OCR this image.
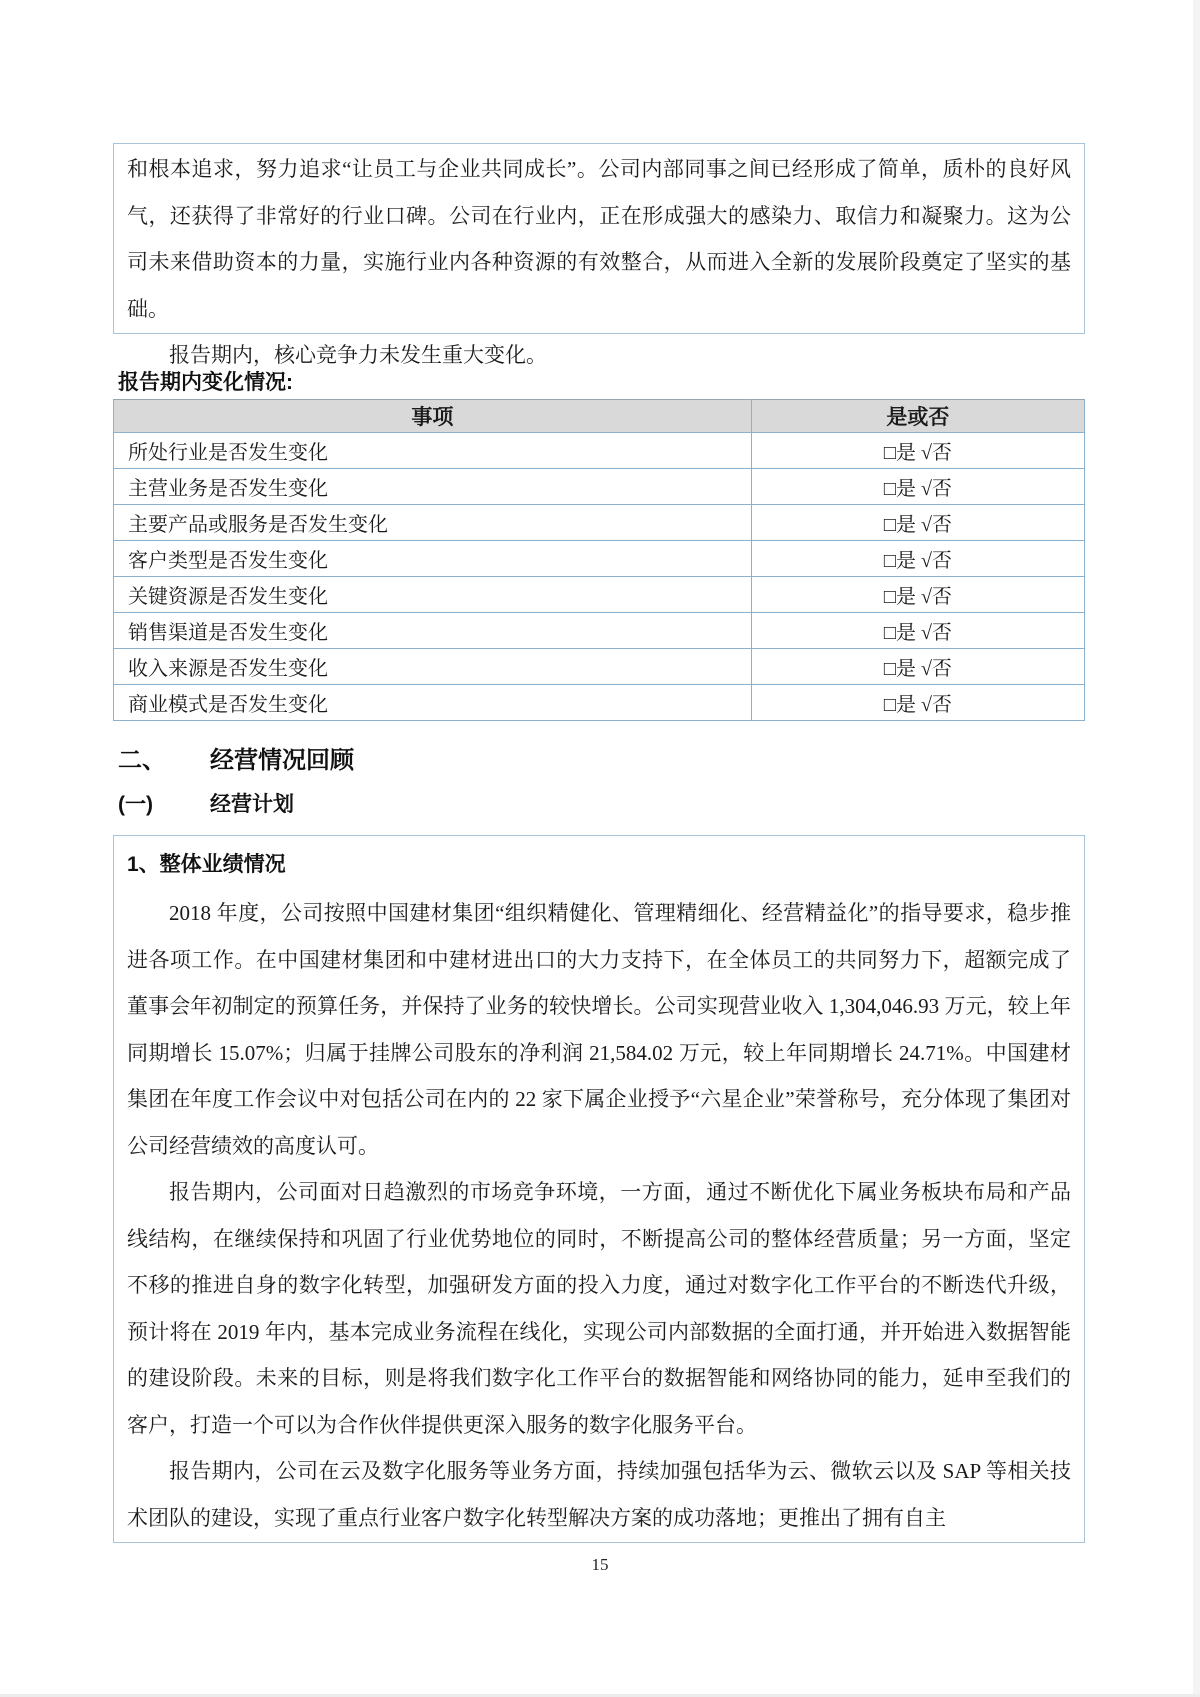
和根本追求，努力追求“让员工与企业共同成长”。公司内部同事之间已经形成了简单，质朴的良好风气，还获得了非常好的行业口碑。公司在行业内，正在形成强大的感染力、取信力和凝聚力。这为公司未来借助资本的力量，实施行业内各种资源的有效整合，从而进入全新的发展阶段奠定了坚实的基础。

报告期内，核心竞争力未发生重大变化。

报告期内变化情况:
事项	是或否
所处行业是否发生变化	□是 √否
主营业务是否发生变化	□是 √否
主要产品或服务是否发生变化	□是 √否
客户类型是否发生变化	□是 √否
关键资源是否发生变化	□是 √否
销售渠道是否发生变化	□是 √否
收入来源是否发生变化	□是 √否
商业模式是否发生变化	□是 √否
二、 经营情况回顾
(一)	经营计划
1、整体业绩情况

2018 年度，公司按照中国建材集团“组织精健化、管理精细化、经营精益化”的指导要求，稳步推进各项工作。在中国建材集团和中建材进出口的大力支持下，在全体员工的共同努力下，超额完成了董事会年初制定的预算任务，并保持了业务的较快增长。公司实现营业收入 1,304,046.93 万元，较上年同期增长 15.07%；归属于挂牌公司股东的净利润 21,584.02 万元，较上年同期增长 24.71%。中国建材集团在年度工作会议中对包括公司在内的 22 家下属企业授予“六星企业”荣誉称号，充分体现了集团对公司经营绩效的高度认可。

报告期内，公司面对日趋激烈的市场竞争环境，一方面，通过不断优化下属业务板块布局和产品线结构，在继续保持和巩固了行业优势地位的同时，不断提高公司的整体经营质量；另一方面，坚定不移的推进自身的数字化转型，加强研发方面的投入力度，通过对数字化工作平台的不断迭代升级，预计将在 2019 年内，基本完成业务流程在线化，实现公司内部数据的全面打通，并开始进入数据智能的建设阶段。未来的目标，则是将我们数字化工作平台的数据智能和网络协同的能力，延申至我们的客户，打造一个可以为合作伙伴提供更深入服务的数字化服务平台。

报告期内，公司在云及数字化服务等业务方面，持续加强包括华为云、微软云以及 SAP 等相关技术团队的建设，实现了重点行业客户数字化转型解决方案的成功落地；更推出了拥有自主

15
